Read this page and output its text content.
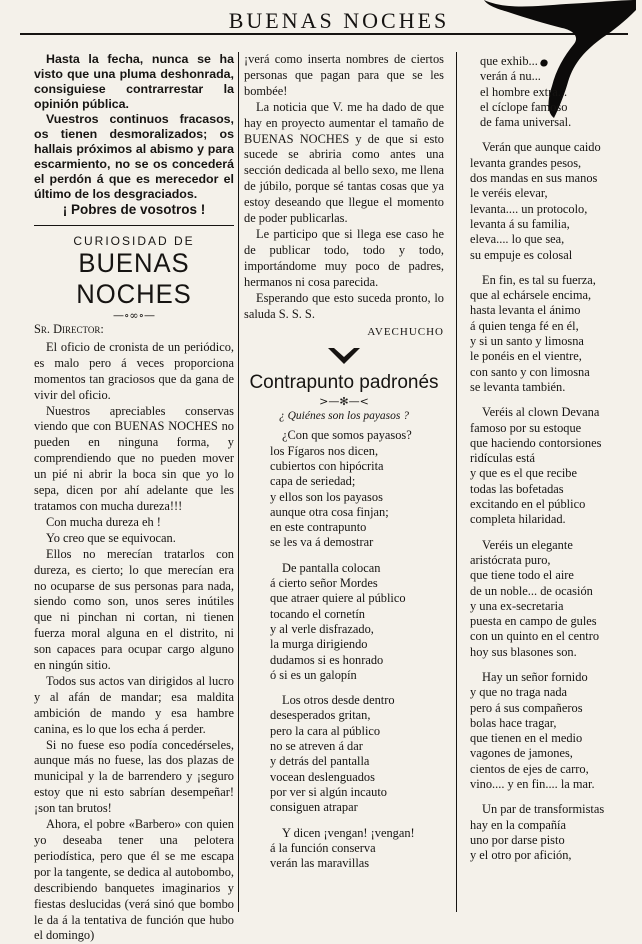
BUENAS NOCHES

Hasta la fecha, nunca se ha visto que una pluma deshonrada, consiguiese contrarrestar la opinión pública.

Vuestros continuos fracasos, os tienen desmoralizados; os hallais próximos al abismo y para escarmiento, no se os concederá el perdón á que es merecedor el último de los desgraciados.

¡ Pobres de vosotros !

CURIOSIDAD DE

BUENAS NOCHES

—∘∞∘—

Sr. Director:

El oficio de cronista de un periódico, es malo pero á veces proporciona momentos tan graciosos que da gana de vivir del oficio.

Nuestros apreciables conservas viendo que con BUENAS NOCHES no pueden en ninguna forma, y comprendiendo que no pueden mover un pié ni abrir la boca sin que yo lo sepa, dicen por ahí adelante que les tratamos con mucha dureza!!!

Con mucha dureza eh !

Yo creo que se equivocan.

Ellos no merecían tratarlos con dureza, es cierto; lo que merecían era no ocuparse de sus personas para nada, siendo como son, unos seres inútiles que ni pinchan ni cortan, ni tienen fuerza moral alguna en el distrito, ni son capaces para ocupar cargo alguno en ningún sitio.

Todos sus actos van dirigidos al lucro y al afán de mandar; esa maldita ambición de mando y esa hambre canina, es lo que los echa á perder.

Si no fuese eso podía concedérseles, aunque más no fuese, las dos plazas de municipal y la de barrendero y ¡seguro estoy que ni esto sabrían desempeñar! ¡son tan brutos!

Ahora, el pobre «Barbero» con quien yo deseaba tener una pelotera periodística, pero que él se me escapa por la tangente, se dedica al autobombo, describiendo banquetes imaginarios y fiestas deslucidas (verá sinó que bombo le da á la tentativa de función que hubo el domingo)

¡verá como inserta nombres de ciertos personas que pagan para que se les bombée!

La noticia que V. me ha dado de que hay en proyecto aumentar el tamaño de BUENAS NOCHES y de que si esto sucede se abriria como antes una sección dedicada al bello sexo, me llena de júbilo, porque sé tantas cosas que ya estoy deseando que llegue el momento de poder publicarlas.

Le participo que si llega ese caso he de publicar todo, todo y todo, importándome muy poco de padres, hermanos ni cosa parecida.

Esperando que esto suceda pronto, lo saluda S. S. S.

AVECHUCHO

Contrapunto padronés

>—✻—<

¿ Quiénes son los payasos ?

¿Con que somos payasos?
los Fígaros nos dicen,
cubiertos con hipócrita
capa de seriedad;
y ellos son los payasos
aunque otra cosa finjan;
en este contrapunto
se les va á demostrar
De pantalla colocan
á cierto señor Mordes
que atraer quiere al público
tocando el cornetín
y al verle disfrazado,
la murga dirigiendo
dudamos si es honrado
ó si es un galopín
Los otros desde dentro
desesperados gritan,
pero la cara al público
no se atreven á dar
y detrás del pantalla
vocean deslenguados
por ver si algún incauto
consiguen atrapar
Y dicen ¡vengan! ¡vengan!
á la función conserva
verán las maravillas
que exhib...
verán á nu...
el hombre extra...
el cíclope famoso
de fama universal.
Verán que aunque caido
levanta grandes pesos,
dos mandas en sus manos
le veréis elevar,
levanta.... un protocolo,
levanta á su familia,
eleva.... lo que sea,
su empuje es colosal
En fin, es tal su fuerza,
que al echársele encima,
hasta levanta el ánimo
á quien tenga fé en él,
y si un santo y limosna
le ponéis en el vientre,
con santo y con limosna
se levanta también.
Veréis al clown Devana
famoso por su estoque
que haciendo contorsiones
ridículas está
y que es el que recibe
todas las bofetadas
excitando en el público
completa hilaridad.
Veréis un elegante
aristócrata puro,
que tiene todo el aire
de un noble... de ocasión
y una ex-secretaria
puesta en campo de gules
con un quinto en el centro
hoy sus blasones son.
Hay un señor fornido
y que no traga nada
pero á sus compañeros
bolas hace tragar,
que tienen en el medio
vagones de jamones,
cientos de ejes de carro,
vino.... y en fin.... la mar.
Un par de transformistas
hay en la compañía
uno por darse pisto
y el otro por afición,
